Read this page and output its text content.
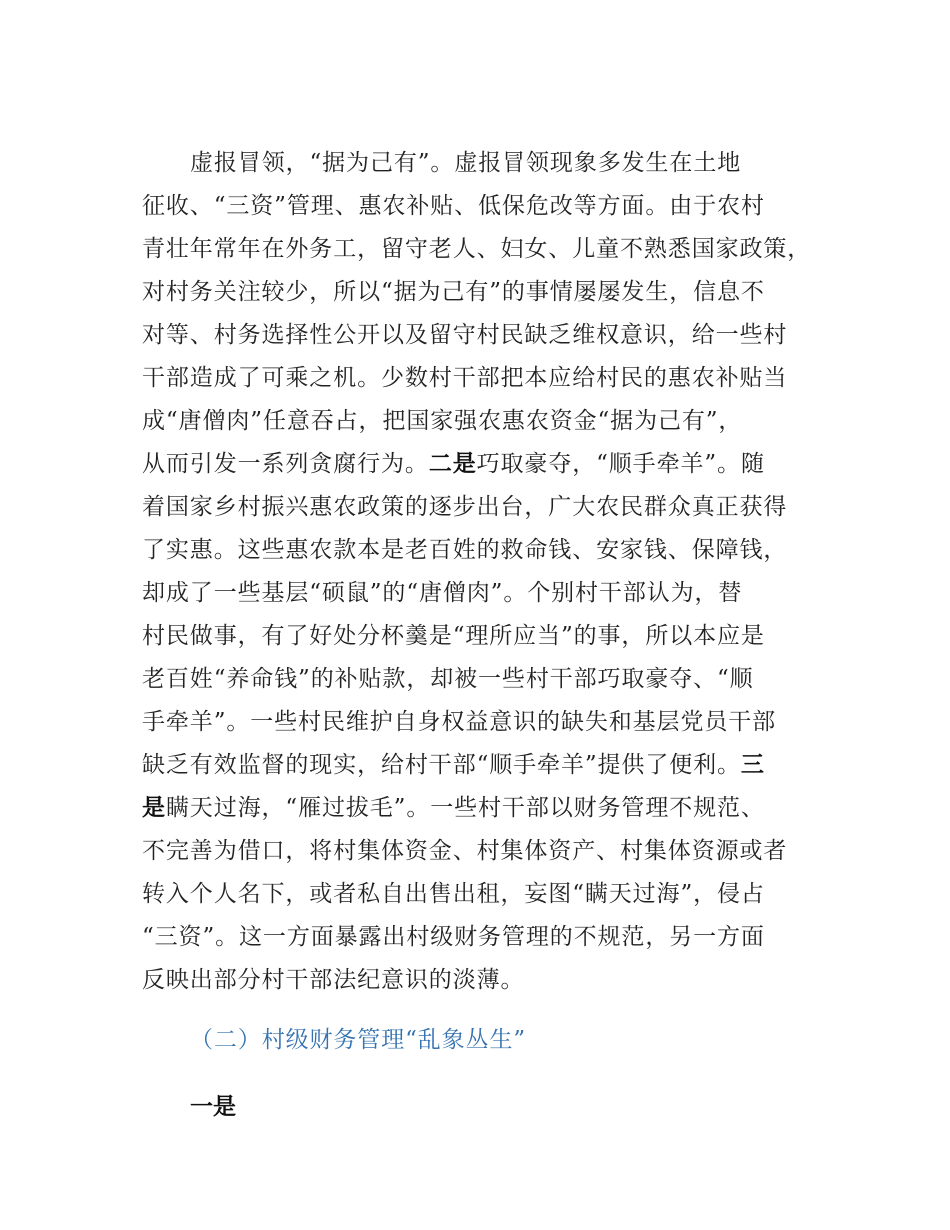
虚报冒领，“据为己有”。虚报冒领现象多发生在土地
征收、“三资”管理、惠农补贴、低保危改等方面。由于农村
青壮年常年在外务工，留守老人、妇女、儿童不熟悉国家政策，
对村务关注较少，所以“据为己有”的事情屡屡发生，信息不
对等、村务选择性公开以及留守村民缺乏维权意识，给一些村
干部造成了可乘之机。少数村干部把本应给村民的惠农补贴当
成“唐僧肉”任意吞占，把国家强农惠农资金“据为己有”，
从而引发一系列贪腐行为。二是巧取豪夺，“顺手牵羊”。随
着国家乡村振兴惠农政策的逐步出台，广大农民群众真正获得
了实惠。这些惠农款本是老百姓的救命钱、安家钱、保障钱，
却成了一些基层“硕鼠”的“唐僧肉”。个别村干部认为，替
村民做事，有了好处分杯羹是“理所应当”的事，所以本应是
老百姓“养命钱”的补贴款，却被一些村干部巧取豪夺、“顺
手牵羊”。一些村民维护自身权益意识的缺失和基层党员干部
缺乏有效监督的现实，给村干部“顺手牵羊”提供了便利。三
是瞒天过海，“雁过拔毛”。一些村干部以财务管理不规范、
不完善为借口，将村集体资金、村集体资产、村集体资源或者
转入个人名下，或者私自出售出租，妄图“瞒天过海”，侵占
“三资”。这一方面暴露出村级财务管理的不规范，另一方面
反映出部分村干部法纪意识的淡薄。
（二）村级财务管理“乱象丛生”
一是
